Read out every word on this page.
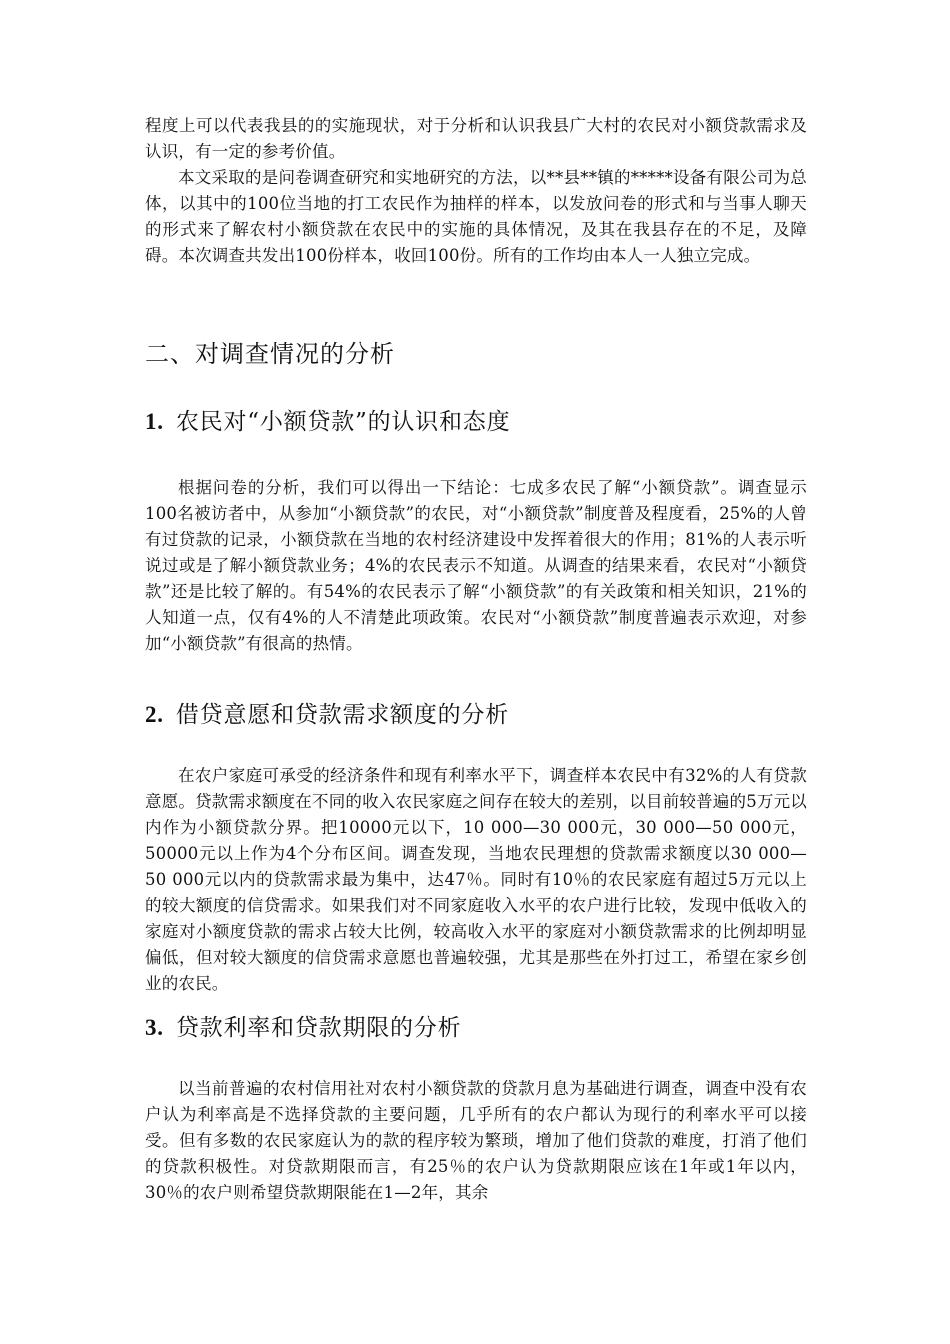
程度上可以代表我县的的实施现状，对于分析和认识我县广大村的农民对小额贷款需求及认识，有一定的参考价值。

本文采取的是问卷调查研究和实地研究的方法，以**县**镇的*****设备有限公司为总体，以其中的100位当地的打工农民作为抽样的样本，以发放问卷的形式和与当事人聊天的形式来了解农村小额贷款在农民中的实施的具体情况，及其在我县存在的不足，及障碍。本次调查共发出100份样本，收回100份。所有的工作均由本人一人独立完成。

二、对调查情况的分析
1. 农民对“小额贷款”的认识和态度

根据问卷的分析，我们可以得出一下结论：七成多农民了解“小额贷款”。调查显示100名被访者中，从参加“小额贷款”的农民，对“小额贷款”制度普及程度看，25%的人曾有过贷款的记录，小额贷款在当地的农村经济建设中发挥着很大的作用；81%的人表示听说过或是了解小额贷款业务；4%的农民表示不知道。从调查的结果来看，农民对“小额贷款”还是比较了解的。有54%的农民表示了解“小额贷款”的有关政策和相关知识，21%的人知道一点，仅有4%的人不清楚此项政策。农民对“小额贷款”制度普遍表示欢迎，对参加“小额贷款”有很高的热情。

2. 借贷意愿和贷款需求额度的分析

在农户家庭可承受的经济条件和现有利率水平下，调查样本农民中有32%的人有贷款意愿。贷款需求额度在不同的收入农民家庭之间存在较大的差别，以目前较普遍的5万元以内作为小额贷款分界。把10000元以下，10 000—30 000元，30 000—50 000元，50000元以上作为4个分布区间。调查发现，当地农民理想的贷款需求额度以30 000—50 000元以内的贷款需求最为集中，达47％。同时有10％的农民家庭有超过5万元以上的较大额度的信贷需求。如果我们对不同家庭收入水平的农户进行比较，发现中低收入的家庭对小额度贷款的需求占较大比例，较高收入水平的家庭对小额贷款需求的比例却明显偏低，但对较大额度的信贷需求意愿也普遍较强，尤其是那些在外打过工，希望在家乡创业的农民。

3. 贷款利率和贷款期限的分析

以当前普遍的农村信用社对农村小额贷款的贷款月息为基础进行调查，调查中没有农户认为利率高是不选择贷款的主要问题，几乎所有的农户都认为现行的利率水平可以接受。但有多数的农民家庭认为的款的程序较为繁琐，增加了他们贷款的难度，打消了他们的贷款积极性。对贷款期限而言，有25％的农户认为贷款期限应该在1年或1年以内，30％的农户则希望贷款期限能在1—2年，其余
